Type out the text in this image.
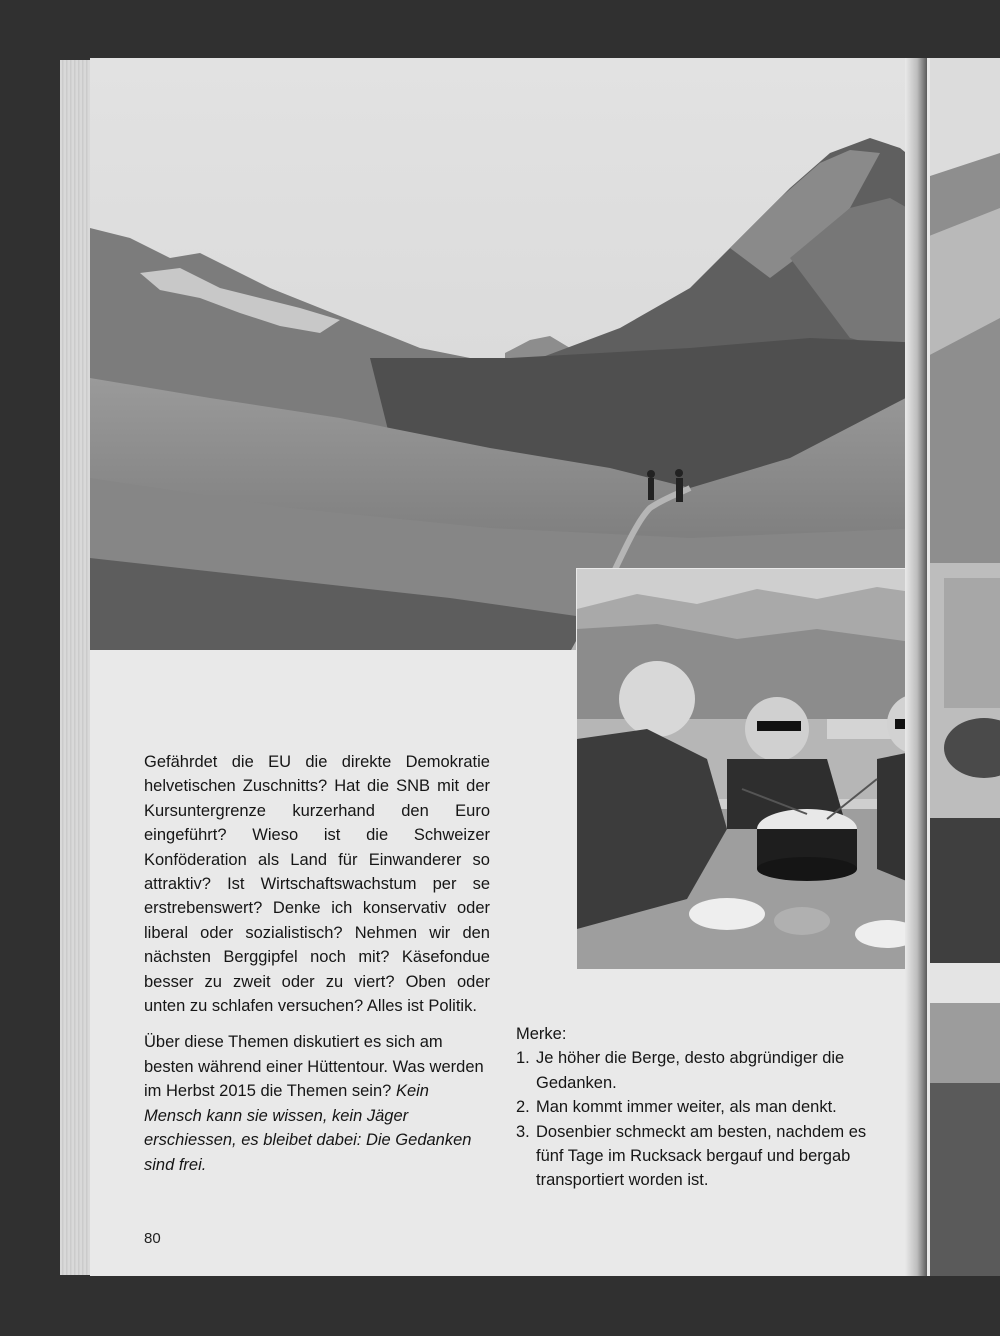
Gefährdet die EU die direkte Demokratie helvetischen Zuschnitts? Hat die SNB mit der Kursuntergrenze kurzerhand den Euro eingeführt? Wieso ist die Schweizer Konföderation als Land für Einwanderer so attraktiv? Ist Wirtschaftswachstum per se erstrebenswert? Denke ich konservativ oder liberal oder sozialistisch? Nehmen wir den nächsten Berggipfel noch mit? Käsefondue besser zu zweit oder zu viert? Oben oder unten zu schlafen versuchen? Alles ist Politik.

Über diese Themen diskutiert es sich am besten während einer Hüttentour. Was werden im Herbst 2015 die Themen sein? Kein Mensch kann sie wissen, kein Jäger erschiessen, es bleibet dabei: Die Gedanken sind frei.

Merke:

1. Je höher die Berge, desto abgründiger die Gedanken.
2. Man kommt immer weiter, als man denkt.
3. Dosenbier schmeckt am besten, nachdem es fünf Tage im Rucksack bergauf und bergab transportiert worden ist.
80
